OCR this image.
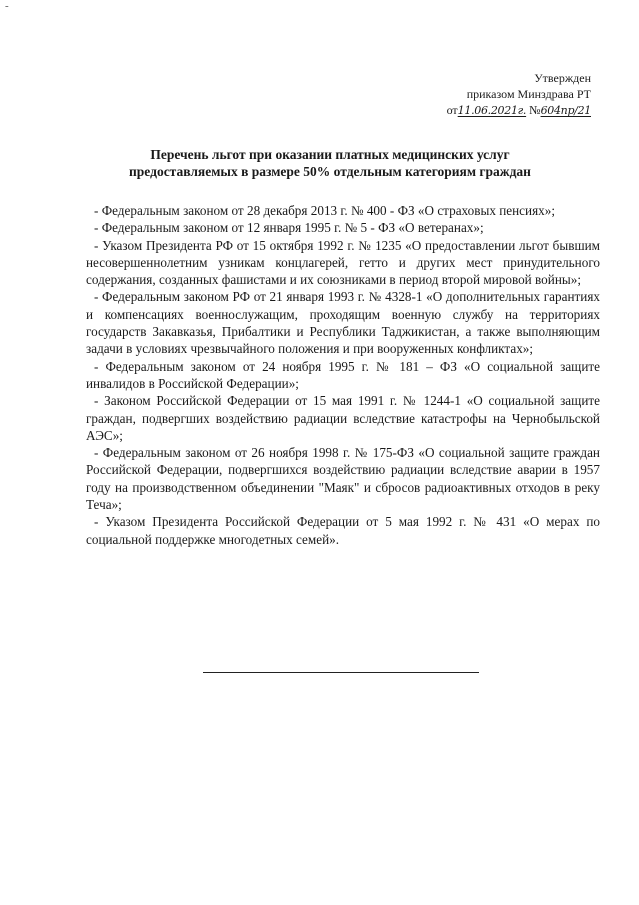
-
Утвержден
приказом Минздрава РТ
от11.06.2021г. №604пр/21
Перечень льгот при оказании платных медицинских услуг
предоставляемых в размере 50% отдельным категориям граждан

- Федеральным законом от 28 декабря 2013 г. № 400 - ФЗ «О страховых пенсиях»;

- Федеральным законом от 12 января 1995 г. № 5 - ФЗ «О ветеранах»;

- Указом Президента РФ от 15 октября 1992 г. № 1235 «О предоставлении льгот бывшим несовершеннолетним узникам концлагерей, гетто и других мест принудительного содержания, созданных фашистами и их союзниками в период второй мировой войны»;

- Федеральным законом РФ от 21 января 1993 г. № 4328-1 «О дополнительных гарантиях и компенсациях военнослужащим, проходящим военную службу на территориях государств Закавказья, Прибалтики и Республики Таджикистан, а также выполняющим задачи в условиях чрезвычайного положения и при вооруженных конфликтах»;

- Федеральным законом от 24 ноября 1995 г. № 181 – ФЗ «О социальной защите инвалидов в Российской Федерации»;

- Законом Российской Федерации от 15 мая 1991 г. № 1244-1 «О социальной защите граждан, подвергших воздействию радиации вследствие катастрофы на Чернобыльской АЭС»;

- Федеральным законом от 26 ноября 1998 г. № 175-ФЗ «О социальной защите граждан Российской Федерации, подвергшихся воздействию радиации вследствие аварии в 1957 году на производственном объединении "Маяк" и сбросов радиоактивных отходов в реку Теча»;

- Указом Президента Российской Федерации от 5 мая 1992 г. № 431 «О мерах по социальной поддержке многодетных семей».
